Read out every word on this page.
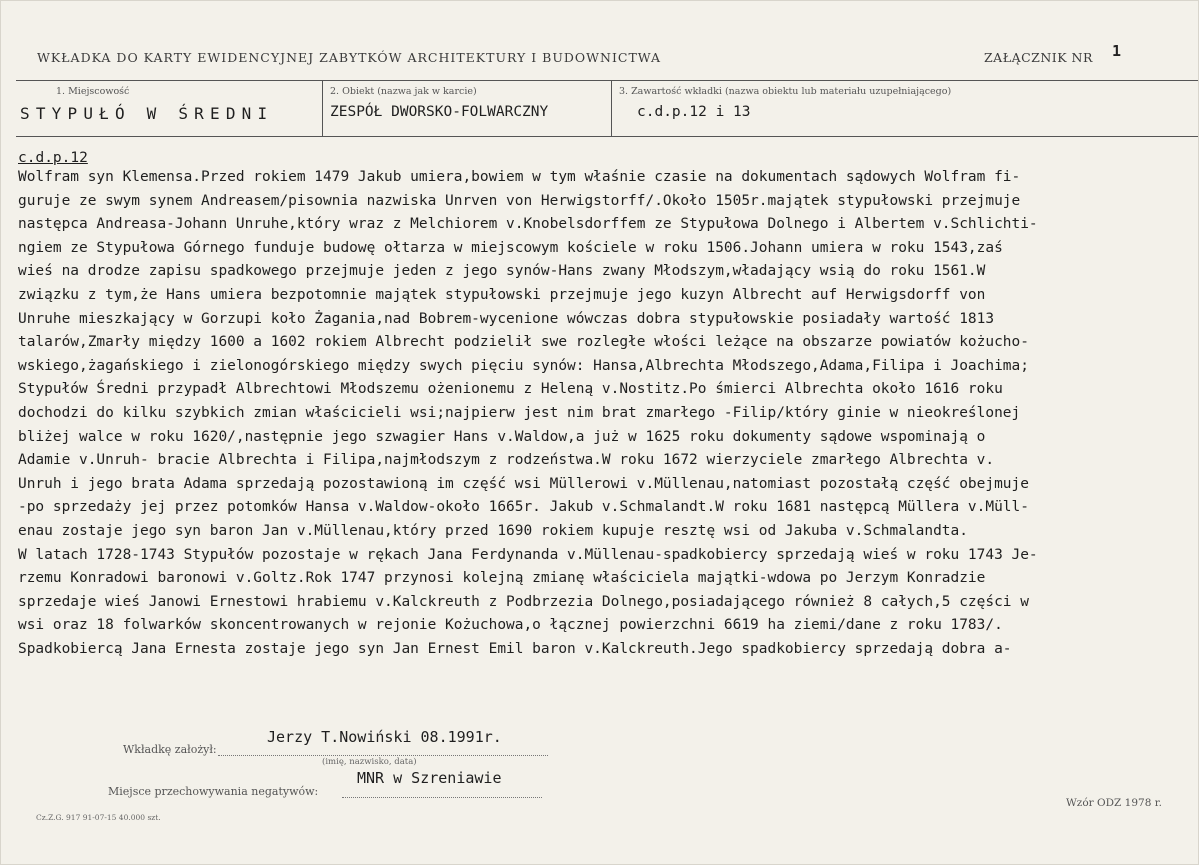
WKŁADKA DO KARTY EWIDENCYJNEJ ZABYTKÓW ARCHITEKTURY I BUDOWNICTWA	ZAŁĄCZNIK NR 1
1. Miejscowość
STYPUŁÓ W ŚREDNI
2. Obiekt (nazwa jak w karcie)
ZESPÓŁ DWORSKO-FOLWARCZNY
3. Zawartość wkładki (nazwa obiektu lub materiału uzupełniającego)
c.d.p.12 i 13
c.d.p.12
Wolfram syn Klemensa.Przed rokiem 1479 Jakub umiera,bowiem w tym właśnie czasie na dokumentach sądowych Wolfram fi-
guruje ze swym synem Andreasem/pisownia nazwiska Unrven von Herwigstorff/.Około 1505r.majątek stypułowski przejmuje
następca Andreasa-Johann Unruhe,który wraz z Melchiorem v.Knobelsdorffem ze Stypułowa Dolnego i Albertem v.Schlichti-
ngiem ze Stypułowa Górnego funduje budowę ołtarza w miejscowym kościele w roku 1506.Johann umiera w roku 1543,zaś
wieś na drodze zapisu spadkowego przejmuje jeden z jego synów-Hans zwany Młodszym,władający wsią do roku 1561.W
związku z tym,że Hans umiera bezpotomnie majątek stypułowski przejmuje jego kuzyn Albrecht auf Herwigsdorff von
Unruhe mieszkający w Gorzupi koło Żagania,nad Bobrem-wycenione wówczas dobra stypułowskie posiadały wartość 1813
talarów,Zmarły między 1600 a 1602 rokiem Albrecht podzielił swe rozległe włości leżące na obszarze powiatów kożucho-
wskiego,żagańskiego i zielonogórskiego między swych pięciu synów: Hansa,Albrechta Młodszego,Adama,Filipa i Joachima;
Stypułów Średni przypadł Albrechtowi Młodszemu ożenionemu z Heleną v.Nostitz.Po śmierci Albrechta około 1616 roku
dochodzi do kilku szybkich zmian właścicieli wsi;najpierw jest nim brat zmarłego -Filip/który ginie w nieokreślonej
bliżej walce w roku 1620/,następnie jego szwagier Hans v.Waldow,a już w 1625 roku dokumenty sądowe wspominają o
Adamie v.Unruh- bracie Albrechta i Filipa,najmłodszym z rodzeństwa.W roku 1672 wierzyciele zmarłego Albrechta v.
Unruh i jego brata Adama sprzedają pozostawioną im część wsi Müllerowi v.Müllenau,natomiast pozostałą część obejmuje
-po sprzedaży jej przez potomków Hansa v.Waldow-około 1665r. Jakub v.Schmalandt.W roku 1681 następcą Müllera v.Müll-
enau zostaje jego syn baron Jan v.Müllenau,który przed 1690 rokiem kupuje resztę wsi od Jakuba v.Schmalandta.
W latach 1728-1743 Stypułów pozostaje w rękach Jana Ferdynanda v.Müllenau-spadkobiercy sprzedają wieś w roku 1743 Je-
rzemu Konradowi baronowi v.Goltz.Rok 1747 przynosi kolejną zmianę właściciela majątki-wdowa po Jerzym Konradzie
sprzedaje wieś Janowi Ernestowi hrabiemu v.Kalckreuth z Podbrzezia Dolnego,posiadającego również 8 całych,5 części w
wsi oraz 18 folwarków skoncentrowanych w rejonie Kożuchowa,o łącznej powierzchni 6619 ha ziemi/dane z roku 1783/.
Spadkobiercą Jana Ernesta zostaje jego syn Jan Ernest Emil baron v.Kalckreuth.Jego spadkobiercy sprzedają dobra a-
Wkładkę założył:
Jerzy T.Nowiński 08.1991r.
(imię, nazwisko, data)
Miejsce przechowywania negatywów:
MNR w Szreniawie
Cz.Z.G. 917 91-07-15 40.000 szt.
Wzór ODZ 1978 r.
